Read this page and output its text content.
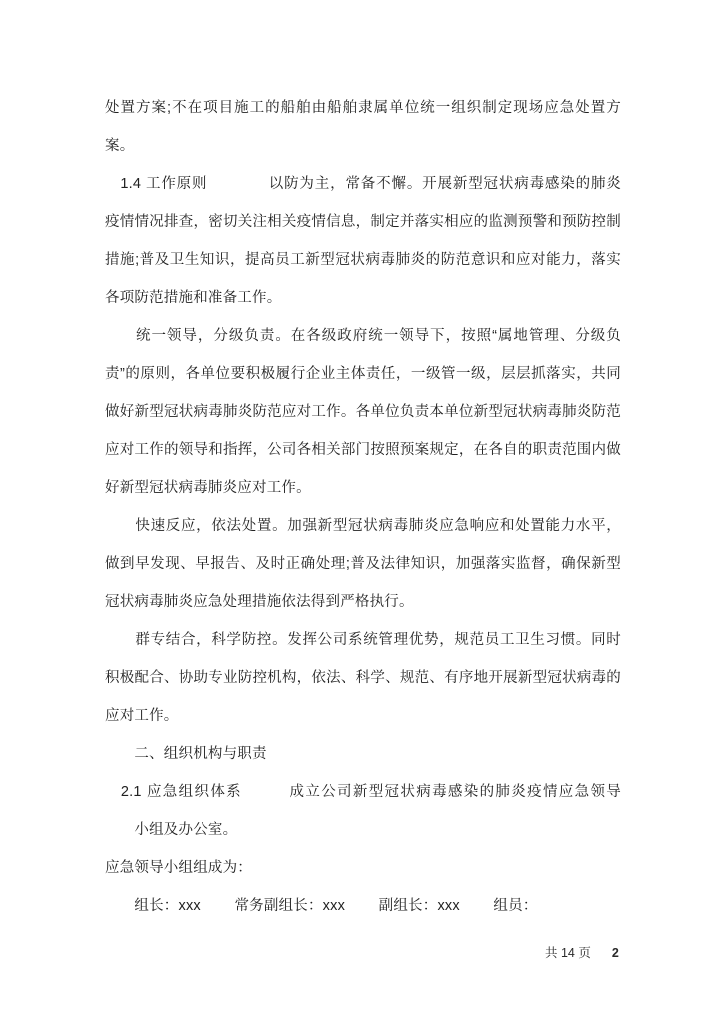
处置方案;不在项目施工的船舶由船舶隶属单位统一组织制定现场应急处置方
案。
　1.4 工作原则　　　　以防为主，常备不懈。开展新型冠状病毒感染的肺炎
疫情情况排查，密切关注相关疫情信息，制定并落实相应的监测预警和预防控制
措施;普及卫生知识，提高员工新型冠状病毒肺炎的防范意识和应对能力，落实
各项防范措施和准备工作。
　　统一领导，分级负责。在各级政府统一领导下，按照“属地管理、分级负
责”的原则，各单位要积极履行企业主体责任，一级管一级，层层抓落实，共同
做好新型冠状病毒肺炎防范应对工作。各单位负责本单位新型冠状病毒肺炎防范
应对工作的领导和指挥，公司各相关部门按照预案规定，在各自的职责范围内做
好新型冠状病毒肺炎应对工作。
　　快速反应，依法处置。加强新型冠状病毒肺炎应急响应和处置能力水平，
做到早发现、早报告、及时正确处理;普及法律知识，加强落实监督，确保新型
冠状病毒肺炎应急处理措施依法得到严格执行。
　　群专结合，科学防控。发挥公司系统管理优势，规范员工卫生习惯。同时
积极配合、协助专业防控机构，依法、科学、规范、有序地开展新型冠状病毒的
应对工作。
　　二、组织机构与职责
　2.1 应急组织体系　　　成立公司新型冠状病毒感染的肺炎疫情应急领导
　　小组及办公室。
应急领导小组组成为：
　　组长：xxx　　 常务副组长：xxx　　 副组长：xxx　　 组员：
共 14 页 2
